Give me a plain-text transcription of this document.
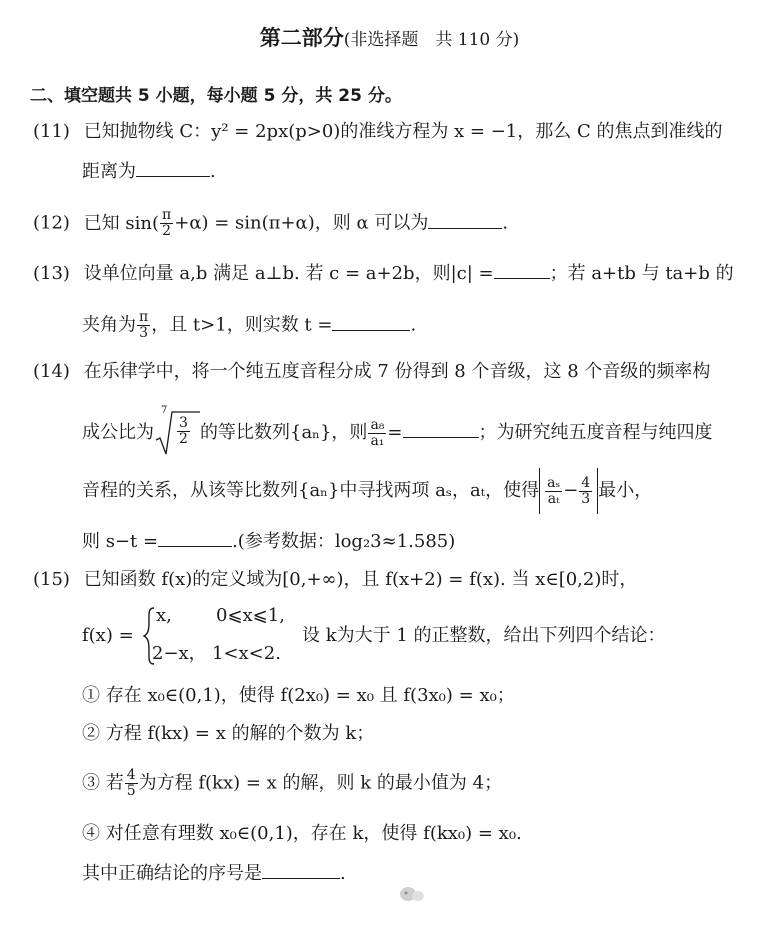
第二部分(非选择题　共 110 分)
二、填空题共 5 小题，每小题 5 分，共 25 分。
(11) 已知抛物线 C：y² = 2px(p>0)的准线方程为 x = −1，那么 C 的焦点到准线的
距离为	.
(12) 已知 $\sin( \frac{\pi}{2} +\alpha) = \sin(\pi+\alpha)$，则 α 可以为	.
(13) 设单位向量 a,b 满足 a⊥b. 若 c = a+2b，则|c| =	；若 a+tb 与 ta+b 的
夹角为 $\frac{\pi}{3}$ ，且 t>1，则实数 t =	.
(14) 在乐律学中，将一个纯五度音程分成 7 份得到 8 个音级，这 8 个音级的频率构
成公比为
7
$\frac{3}{2}$ 的等比数列{aₙ}，则 $\frac{\text{a₈}}{\text{a₁}}$ =	；为研究纯五度音程与纯四度
音程的关系，从该等比数列{aₙ}中寻找两项 aₛ，aₜ，使得 $\frac{\text{aₛ}}{\text{aₜ}} - \frac{4}{3}$ 最小，
则 s−t =	.(参考数据：log₂3≈1.585)
(15) 已知函数 f(x)的定义域为[0,+∞)，且 f(x+2) = f(x). 当 x∈[0,2)时，
f(x) =
x, 0⩽x⩽1,
2−x， 1<x<2.
设 k为大于 1 的正整数，给出下列四个结论：
① 存在 x₀∈(0,1)，使得 f(2x₀) = x₀ 且 f(3x₀) = x₀；
② 方程 f(kx) = x 的解的个数为 k；
③ 若 $\frac{4}{5}$ 为方程 f(kx) = x 的解，则 k 的最小值为 4；
④ 对任意有理数 x₀∈(0,1)，存在 k，使得 f(kx₀) = x₀.
其中正确结论的序号是	.
